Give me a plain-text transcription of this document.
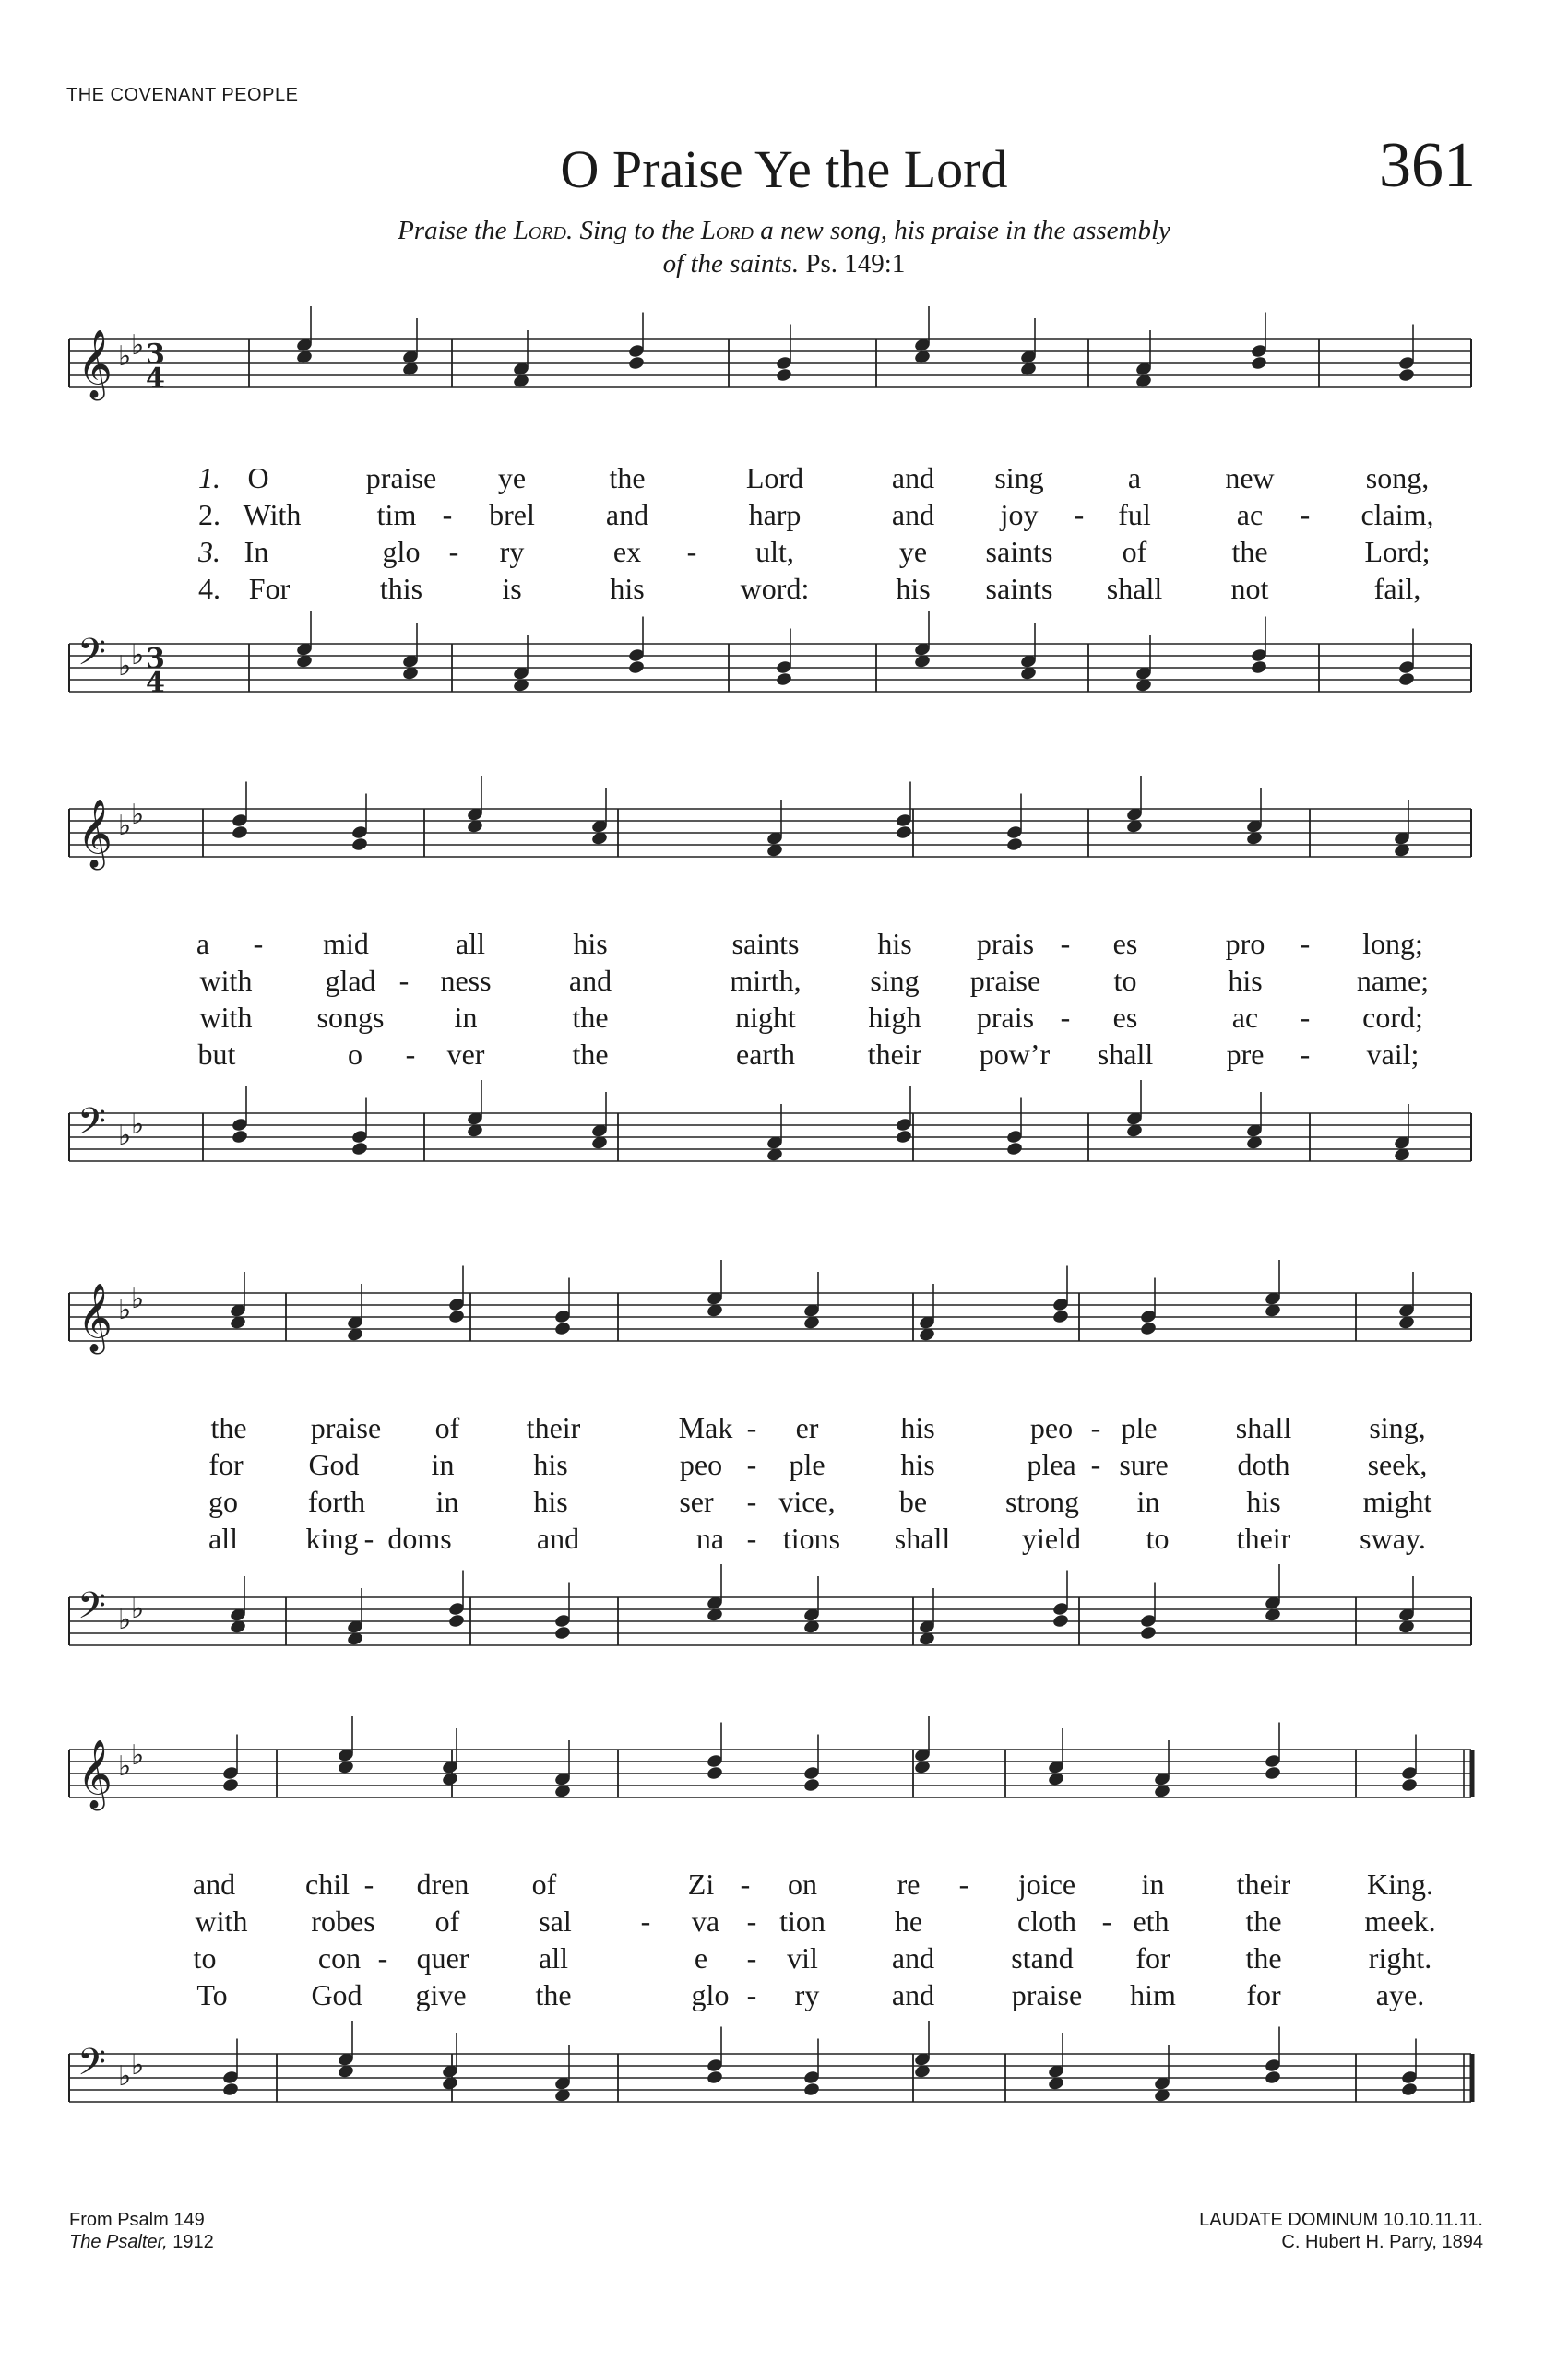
THE COVENANT PEOPLE
O Praise Ye the Lord	361
Praise the Lord. Sing to the Lord a new song, his praise in the assembly
of the saints. Ps. 149:1
𝄞 ♭ ♭ 3
4
𝄢 ♭ ♭ 3
4
1. O	praise ye	the	Lord	and sing	a	new	song,
2. With	tim - brel and	harp	and joy - ful	ac - claim,
3. In	glo - ry	ex - ult,	ye saints of	the	Lord;
4. For	this	is	his	word:	his saints shall not	fail,
𝄞 ♭ ♭
𝄢 ♭ ♭
a - mid	all	his	saints	his prais - es	pro - long;
with glad - ness	and	mirth, sing praise to	his	name;
with songs in	the	night high prais - es	ac - cord;
but	o - ver	the	earth their pow’r shall pre - vail;
𝄞 ♭ ♭
𝄢 ♭ ♭
the praise of their	Mak - er	his	peo - ple	shall	sing,
for God in	his	peo - ple	his	plea - sure doth	seek,
go forth in	his	ser - vice, be	strong in	his	might
all king - doms	and	na - tions shall yield to their sway.
𝄞 ♭ ♭
𝄢 ♭ ♭
and chil - dren of	Zi - on	re - joice in their	King.
with robes of	sal - va - tion he	cloth - eth	the	meek.
to	con - quer all	e - vil	and	stand for	the	right.
To	God give the	glo - ry and	praise him for	aye.
From Psalm 149
The Psalter, 1912
LAUDATE DOMINUM 10.10.11.11.
C. Hubert H. Parry, 1894
